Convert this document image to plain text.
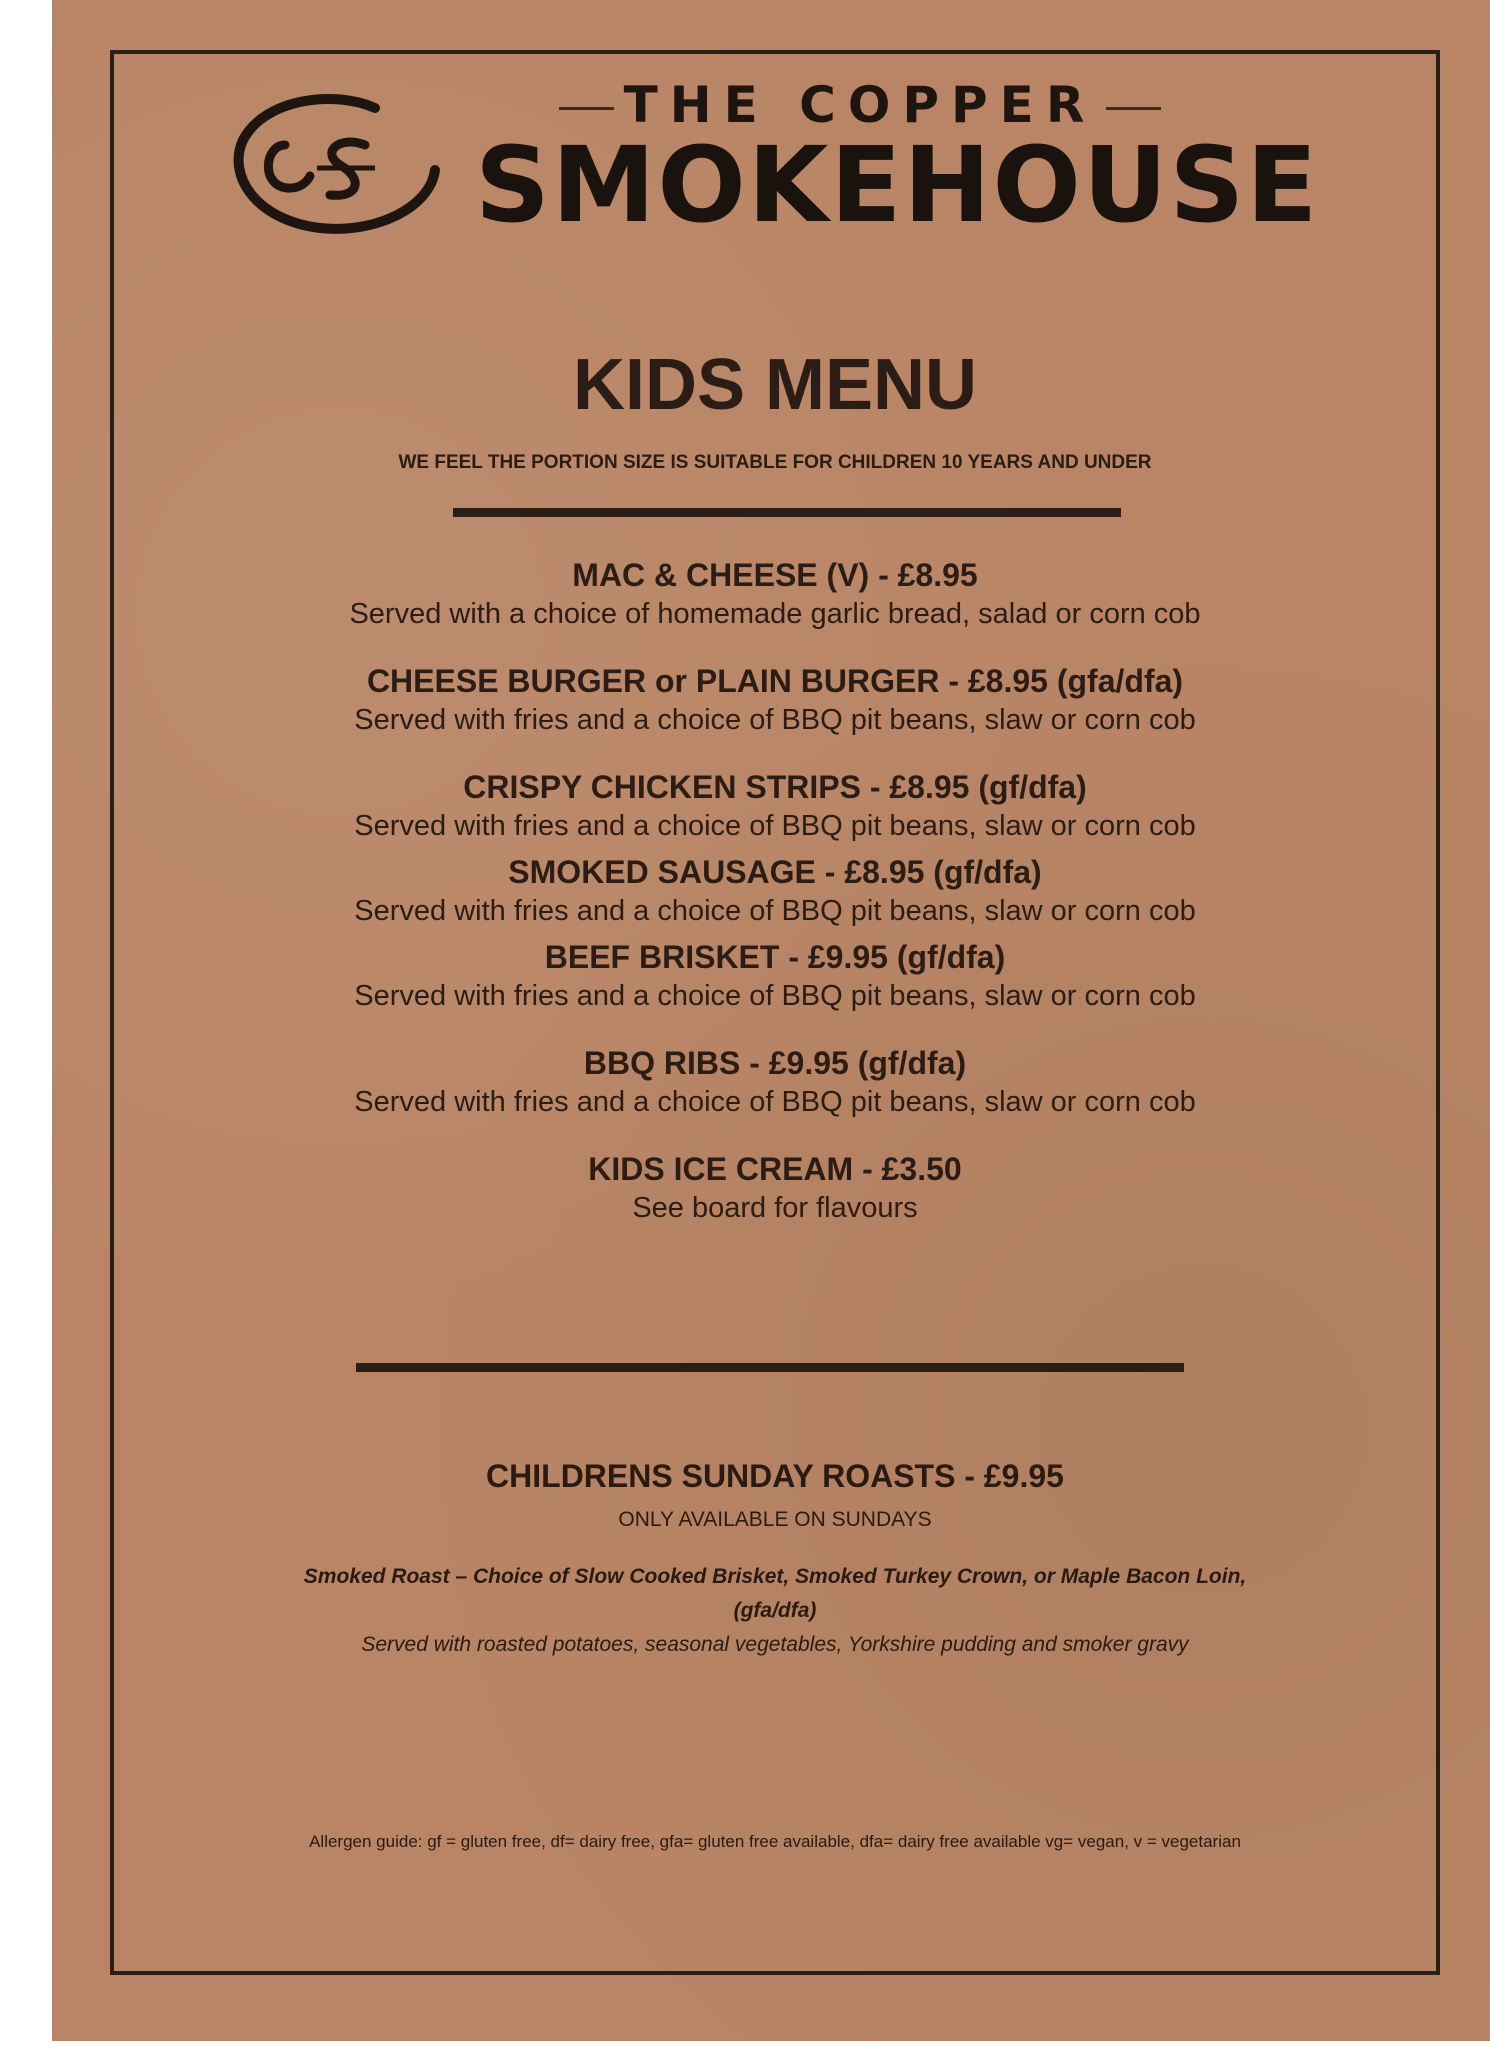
THE COPPER
SMOKEHOUSE
KIDS MENU
WE FEEL THE PORTION SIZE IS SUITABLE FOR CHILDREN 10 YEARS AND UNDER
MAC & CHEESE (V) - £8.95
Served with a choice of homemade garlic bread, salad or corn cob
CHEESE BURGER or PLAIN BURGER - £8.95 (gfa/dfa)
Served with fries and a choice of BBQ pit beans, slaw or corn cob
CRISPY CHICKEN STRIPS - £8.95 (gf/dfa)
Served with fries and a choice of BBQ pit beans, slaw or corn cob
SMOKED SAUSAGE - £8.95 (gf/dfa)
Served with fries and a choice of BBQ pit beans, slaw or corn cob
BEEF BRISKET - £9.95 (gf/dfa)
Served with fries and a choice of BBQ pit beans, slaw or corn cob
BBQ RIBS - £9.95 (gf/dfa)
Served with fries and a choice of BBQ pit beans, slaw or corn cob
KIDS ICE CREAM - £3.50
See board for flavours
CHILDRENS SUNDAY ROASTS - £9.95
ONLY AVAILABLE ON SUNDAYS
Smoked Roast – Choice of Slow Cooked Brisket, Smoked Turkey Crown, or Maple Bacon Loin,
(gfa/dfa)
Served with roasted potatoes, seasonal vegetables, Yorkshire pudding and smoker gravy
Allergen guide: gf = gluten free, df= dairy free, gfa= gluten free available, dfa= dairy free available vg= vegan, v = vegetarian
